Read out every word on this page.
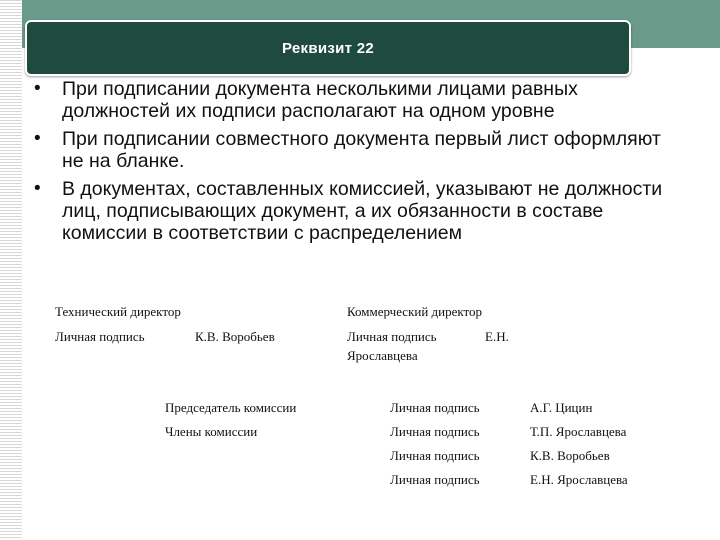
Реквизит 22
• При подписании документа несколькими лицами равных должностей их подписи располагают на одном уровне
• При подписании совместного документа первый лист оформляют не на бланке.
• В документах, составленных комиссией, указывают не должности лиц, подписывающих документ, а их обязанности в составе комиссии в соответствии с распределением
Технический директор
Личная подпись	К.В. Воробьев
Коммерческий директор
Личная подпись	Е.Н.
Ярославцева
Председатель комиссии
Члены комиссии
Личная подпись
Личная подпись
Личная подпись
Личная подпись
А.Г. Цицин
Т.П. Ярославцева
К.В. Воробьев
Е.Н. Ярославцева
